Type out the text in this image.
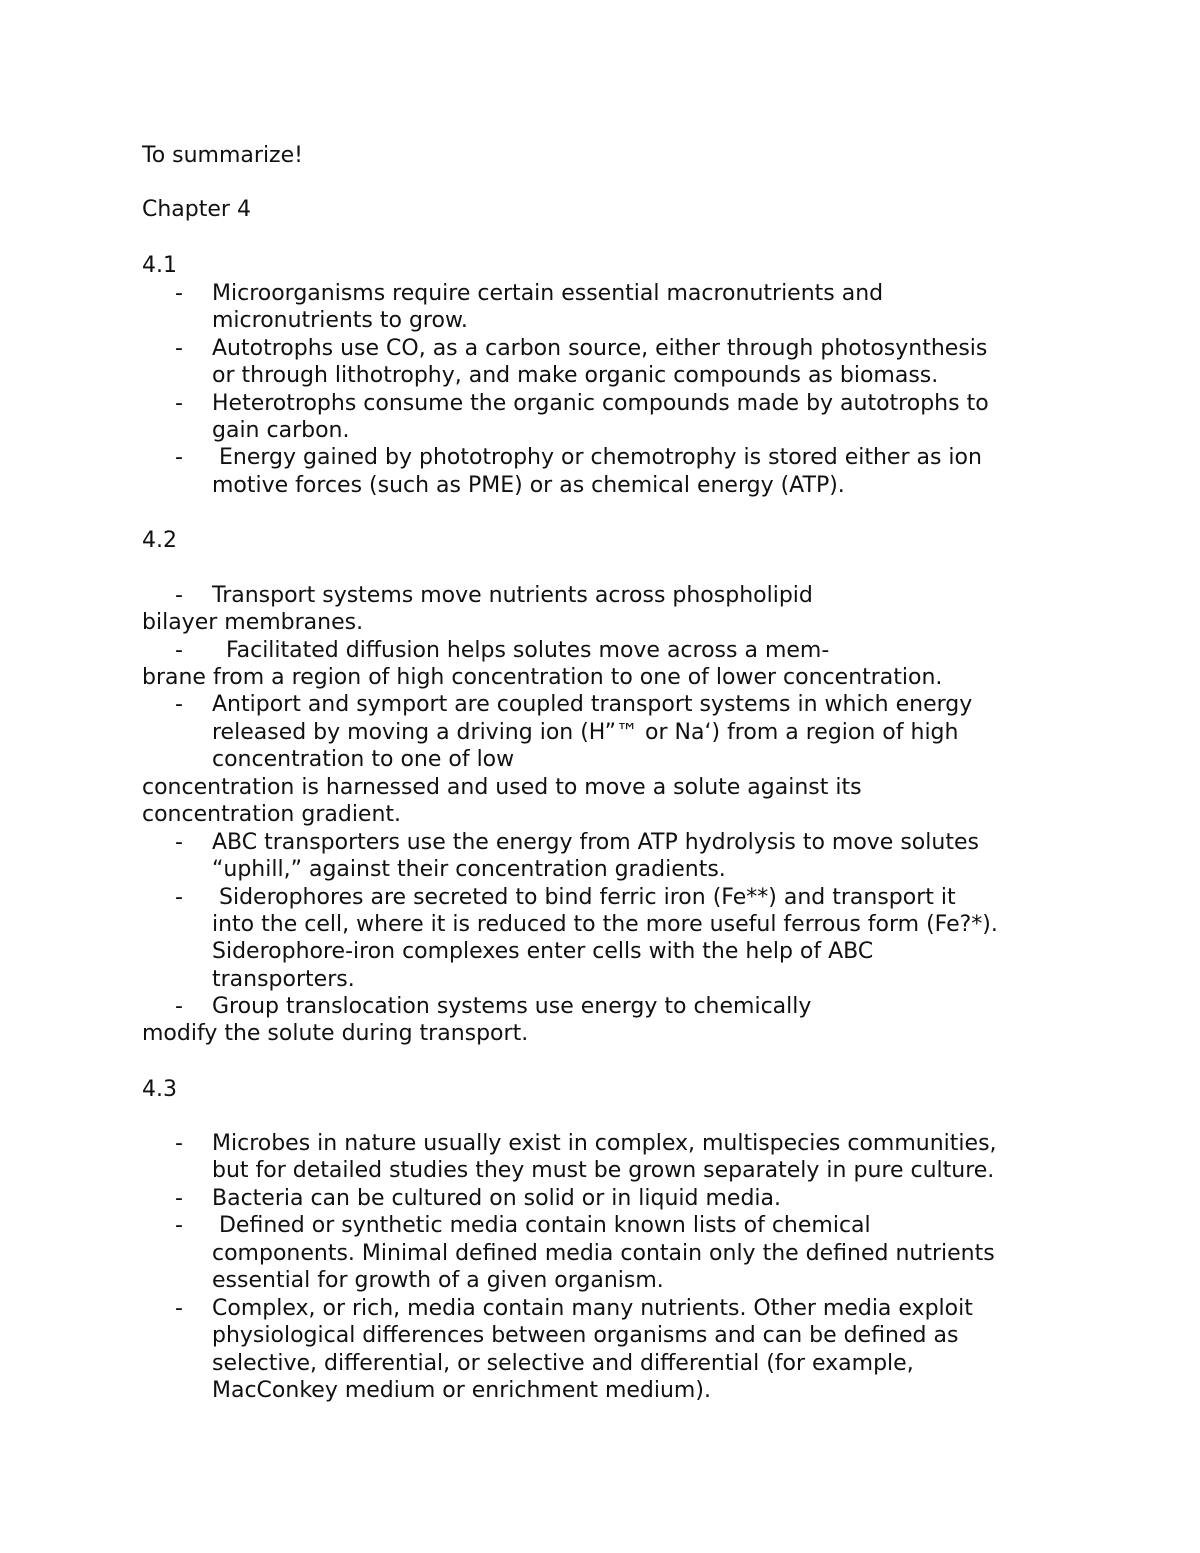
To summarize!
Chapter 4
4.1
- Microorganisms require certain essential macronutrients and
micronutrients to grow.
- Autotrophs use CO, as a carbon source, either through photosynthesis
or through lithotrophy, and make organic compounds as biomass.
- Heterotrophs consume the organic compounds made by autotrophs to
gain carbon.
- Energy gained by phototrophy or chemotrophy is stored either as ion
motive forces (such as PME) or as chemical energy (ATP).
4.2
- Transport systems move nutrients across phospholipid
bilayer membranes.
- Facilitated diffusion helps solutes move across a mem-
brane from a region of high concentration to one of lower concentration.
- Antiport and symport are coupled transport systems in which energy
released by moving a driving ion (H”™ or Na‘) from a region of high
concentration to one of low
concentration is harnessed and used to move a solute against its
concentration gradient.
- ABC transporters use the energy from ATP hydrolysis to move solutes
“uphill,” against their concentration gradients.
- Siderophores are secreted to bind ferric iron (Fe**) and transport it
into the cell, where it is reduced to the more useful ferrous form (Fe?*).
Siderophore-iron complexes enter cells with the help of ABC
transporters.
- Group translocation systems use energy to chemically
modify the solute during transport.
4.3
- Microbes in nature usually exist in complex, multispecies communities,
but for detailed studies they must be grown separately in pure culture.
- Bacteria can be cultured on solid or in liquid media.
- Defined or synthetic media contain known lists of chemical
components. Minimal defined media contain only the defined nutrients
essential for growth of a given organism.
- Complex, or rich, media contain many nutrients. Other media exploit
physiological differences between organisms and can be defined as
selective, differential, or selective and differential (for example,
MacConkey medium or enrichment medium).
